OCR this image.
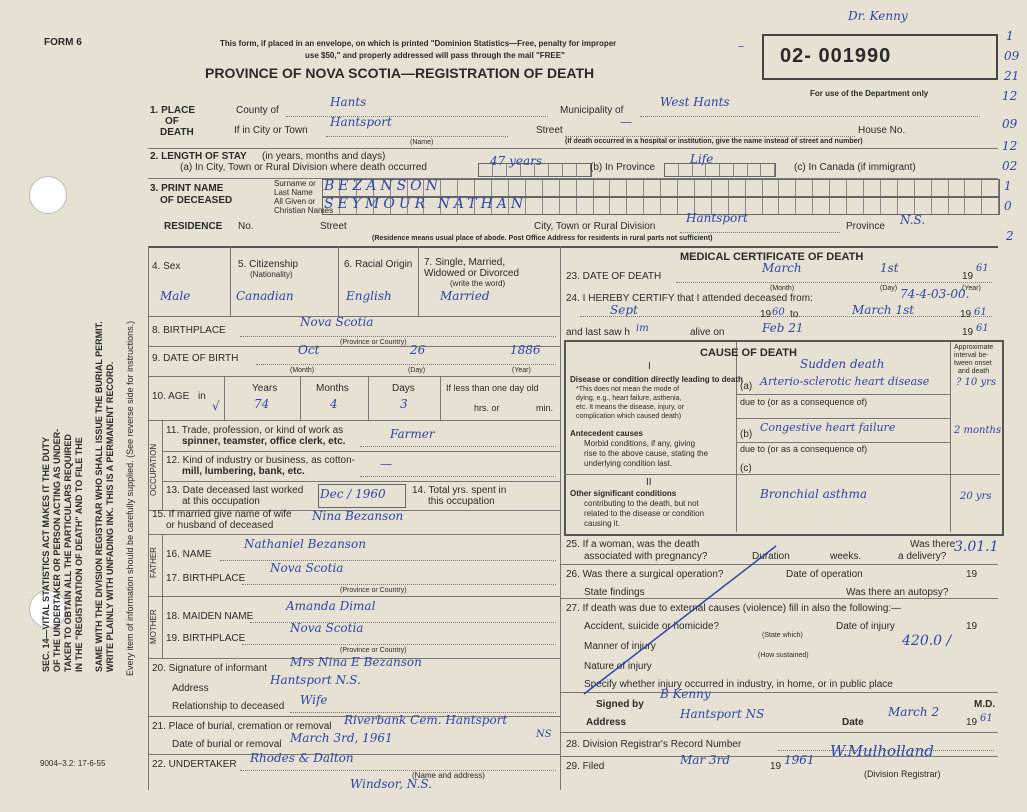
FORM 6	This form, if placed in an envelope, on which is printed "Dominion Statistics—Free, penalty for improper
use $50," and properly addressed will pass through the mail "FREE"
PROVINCE OF NOVA SCOTIA—REGISTRATION OF DEATH
02- 001990
For use of the Department only
Dr. Kenny
–
1
09
21
12
09
12
02
1
0
2
SEC. 14—VITAL STATISTICS ACT MAKES IT THE DUTY OF THE UNDERTAKER OR PERSON ACTING AS UNDER- TAKER TO OBTAIN ALL THE PARTICULARS REQUIRED IN THE "REGISTRATION OF DEATH" AND TO FILE THE SAME WITH THE DIVISION REGISTRAR WHO SHALL ISSUE THE BURIAL PERMIT. WRITE PLAINLY WITH UNFADING INK. THIS IS A PERMANENT RECORD. Every item of information should be carefully supplied. (See reverse side for instructions.)
1. PLACE
OF
DEATH
County of
Hants
Municipality of
West Hants
If in City or Town
Hantsport
(Name)
Street
—
House No.
(If death occurred in a hospital or institution, give the name instead of street and number)
2. LENGTH OF STAY (in years, months and days)
(a) In City, Town or Rural Division where death occurred	47 years	(b) In Province
Life
(c) In Canada (if immigrant)
3. PRINT NAME
OF DECEASED
Surname or
Last Name
All Given or
Christian Names
BEZANSON
SEYMOUR NATHAN
RESIDENCE No.	Street	City, Town or Rural Division
Hantsport
Province N.S.
(Residence means usual place of abode. Post Office Address for residents in rural parts not sufficient)
4. Sex	5. Citizenship
(Nationality)
6. Racial Origin 7. Single, Married,
Widowed or Divorced
(write the word)
Male	Canadian	English	Married
8. BIRTHPLACE
Nova Scotia
(Province or Country)
9. DATE OF BIRTH
Oct	26	1886
(Month)	(Day)	(Year)
10. AGE in
√
Years	Months	Days
74	4	3
If less than one day old
hrs. or	min.
OCCUPATION
11. Trade, profession, or kind of work as
spinner, teamster, office clerk, etc.
Farmer
12. Kind of industry or business, as cotton-
mill, lumbering, bank, etc.
—
13. Date deceased last worked
at this occupation
Dec / 1960	14. Total yrs. spent in
this occupation
15. If married give name of wife
or husband of deceased
Nina Bezanson
FATHER 16. NAME
Nathaniel Bezanson
17. BIRTHPLACE
Nova Scotia
(Province or Country)
MOTHER 18. MAIDEN NAME
Amanda Dimal
19. BIRTHPLACE
Nova Scotia
(Province or Country)
20. Signature of informant Mrs Nina E Bezanson
Address
Hantsport N.S.
Relationship to deceased Wife
21. Place of burial, cremation or removal Riverbank Cem. Hantsport
NS
Date of burial or removal March 3rd, 1961
22. UNDERTAKER Rhodes & Dalton
(Name and address)
Windsor, N.S.
MEDICAL CERTIFICATE OF DEATH
23. DATE OF DEATH
March	1st
19
61
(Month)	(Day)	(Year)
24. I HEREBY CERTIFY that I attended deceased from:	74-4-03-00.
Sept	19 60 to	March 1st	19 61
and last saw h im	alive on	Feb 21	19 61
CAUSE OF DEATH
I
Approximate
interval be-
tween onset
and death
Disease or condition directly leading to death
*This does not mean the mode of
dying, e.g., heart failure, asthenia,
etc. It means the disease, injury, or
complication which caused death)
Sudden death
(a) Arterio-sclerotic heart disease	? 10 yrs
due to (or as a consequence of)
Antecedent causes
Morbid conditions, if any, giving
rise to the above cause, stating the
underlying condition last.
(b)
Congestive heart failure	2 months
due to (or as a consequence of)
(c)
II
Other significant conditions
contributing to the death, but not
related to the disease or condition
causing it.
Bronchial asthma	20 yrs
25. If a woman, was the death
associated with pregnancy?	Duration	weeks.
Was there
a delivery?
3.01.1
26. Was there a surgical operation?	Date of operation	19
State findings	Was there an autopsy?
27. If death was due to external causes (violence) fill in also the following:—
Accident, suicide or homicide?	Date of injury	19
(State which)
Manner of injury	420.0 /
(How sustained)
Nature of injury
Specify whether injury occurred in industry, in home, or in public place
Signed by
B Kenny
M.D.
Address
Hantsport NS
Date
March 2
19 61
28. Division Registrar's Record Number
29. Filed	Mar 3rd	19 1961 W.Mulholland
(Division Registrar)
9004–3.2: 17-6-55
